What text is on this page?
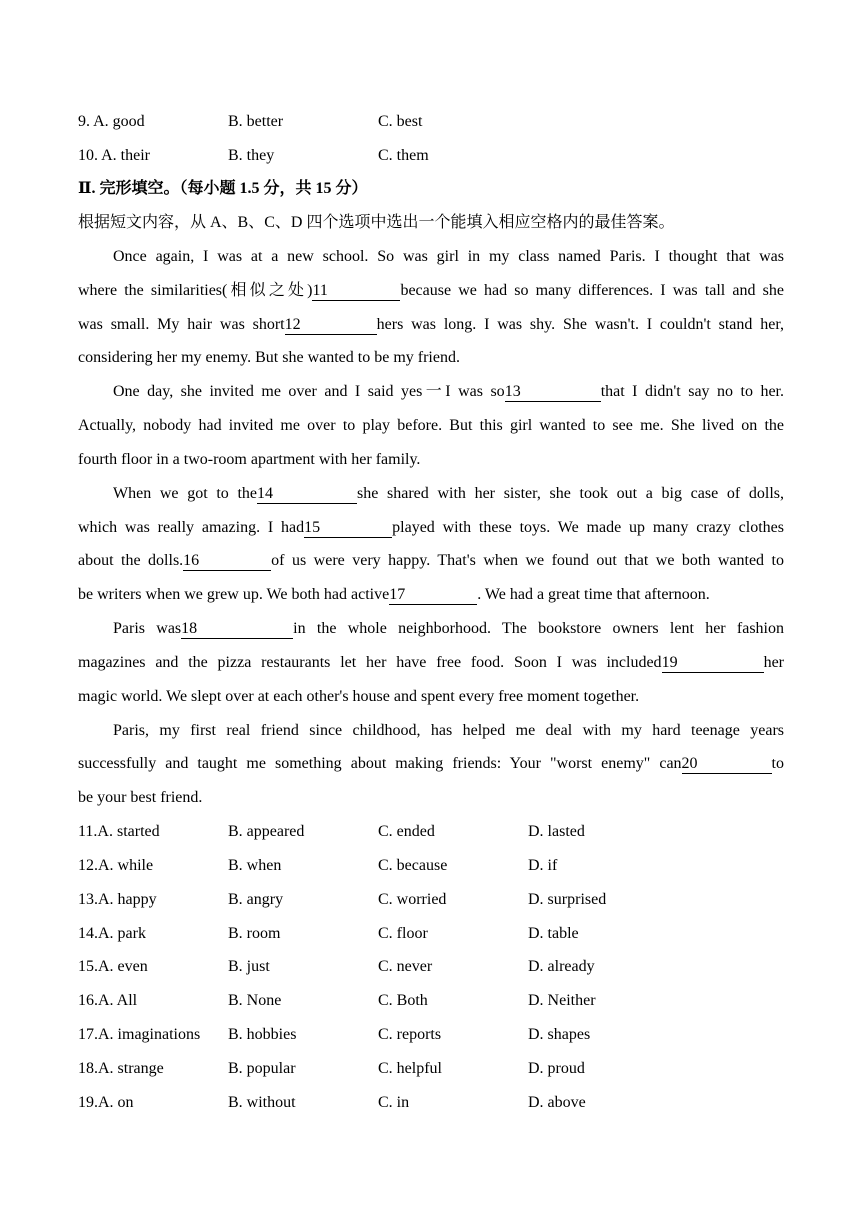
9. A. good	B. better	C. best
10. A. their	B. they	C. them
Ⅱ. 完形填空。（每小题 1.5 分，共 15 分）
根据短文内容，从 A、B、C、D 四个选项中选出一个能填入相应空格内的最佳答案。
Once again, I was at a new school. So was girl in my class named Paris. I thought that was
where the similarities(相似之处)11	because we had so many differences. I was tall and she
was small. My hair was short12	hers was long. I was shy. She wasn't. I couldn't stand her,
considering her my enemy. But she wanted to be my friend.
One day, she invited me over and I said yes一I was so13	that I didn't say no to her.
Actually, nobody had invited me over to play before. But this girl wanted to see me. She lived on the
fourth floor in a two-room apartment with her family.
When we got to the14	she shared with her sister, she took out a big case of dolls,
which was really amazing. I had15	played with these toys. We made up many crazy clothes
about the dolls.16	of us were very happy. That's when we found out that we both wanted to
be writers when we grew up. We both had active17	. We had a great time that afternoon.
Paris was18	in the whole neighborhood. The bookstore owners lent her fashion
magazines and the pizza restaurants let her have free food. Soon I was included19	her
magic world. We slept over at each other's house and spent every free moment together.
Paris, my first real friend since childhood, has helped me deal with my hard teenage years
successfully and taught me something about making friends: Your "worst enemy" can20	to
be your best friend.
11.A. started	B. appeared	C. ended	D. lasted
12.A. while	B. when	C. because	D. if
13.A. happy	B. angry	C. worried	D. surprised
14.A. park	B. room	C. floor	D. table
15.A. even	B. just	C. never	D. already
16.A. All	B. None	C. Both	D. Neither
17.A. imaginations B. hobbies	C. reports	D. shapes
18.A. strange	B. popular	C. helpful	D. proud
19.A. on	B. without	C. in	D. above
